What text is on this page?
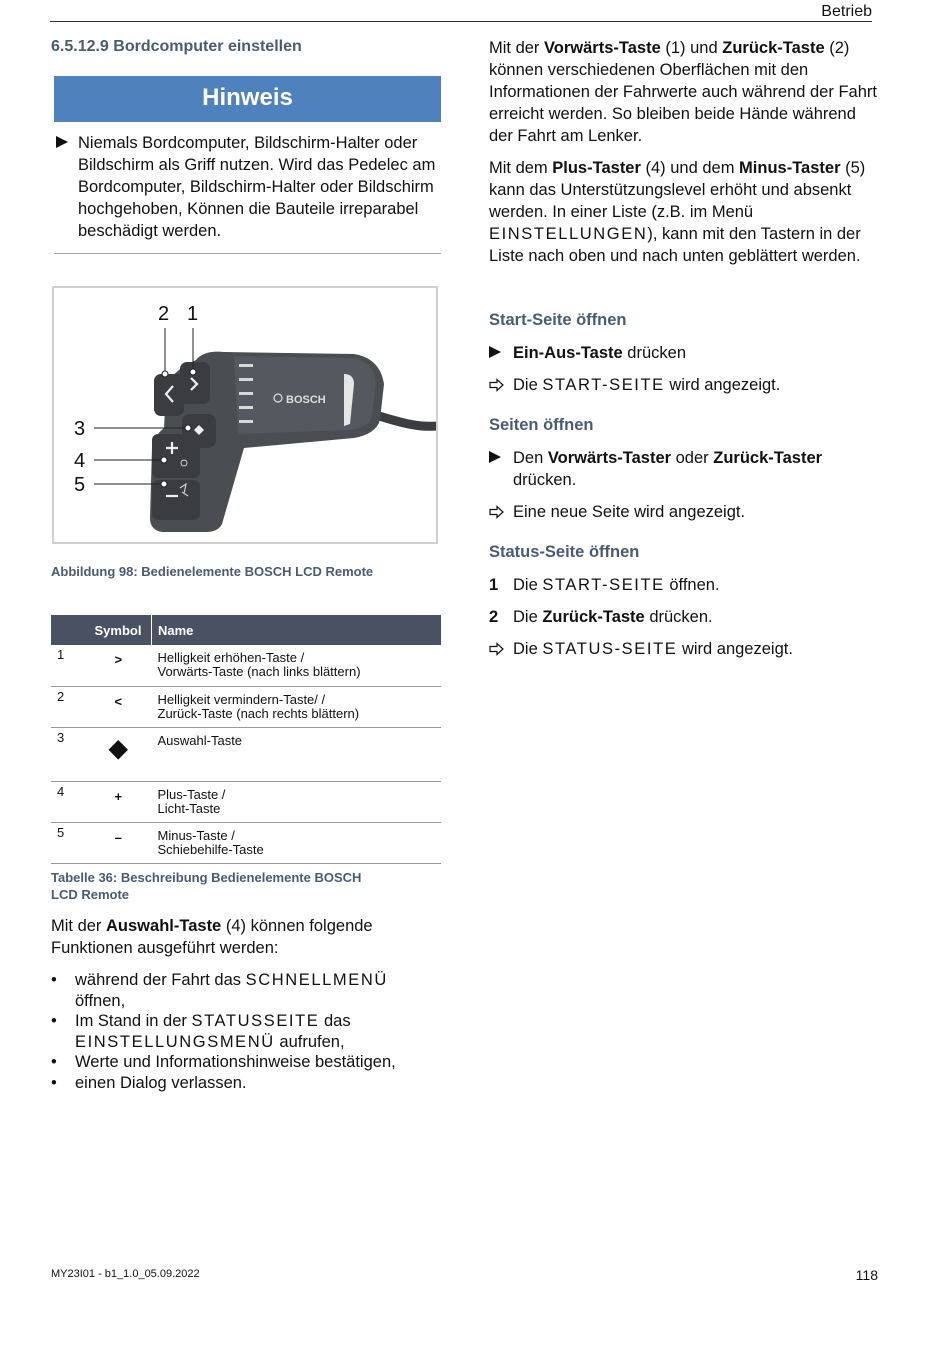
Betrieb
6.5.12.9 Bordcomputer einstellen
Hinweis
Niemals Bordcomputer, Bildschirm-Halter oder Bildschirm als Griff nutzen. Wird das Pedelec am Bordcomputer, Bildschirm-Halter oder Bildschirm hochgehoben, Können die Bauteile irreparabel beschädigt werden.
BOSCH
2 1
3
4
5
Abbildung 98: Bedienelemente BOSCH LCD Remote
	Symbol	Name
1	>	Helligkeit erhöhen-Taste /
Vorwärts-Taste (nach links blättern)

2	<	Helligkeit vermindern-Taste/ /
Zurück-Taste (nach rechts blättern)

3	◆	Auswahl-Taste

4	+	Plus-Taste /
Licht-Taste

5	–	Minus-Taste /
Schiebehilfe-Taste
Tabelle 36: Beschreibung Bedienelemente BOSCH
LCD Remote
Mit der Auswahl-Taste (4) können folgende Funktionen ausgeführt werden:
• während der Fahrt das SCHNELLMENÜ öffnen,
• Im Stand in der STATUSSEITE das EINSTELLUNGSMENÜ aufrufen,
• Werte und Informationshinweise bestätigen,
• einen Dialog verlassen.
Mit der Vorwärts-Taste (1) und Zurück-Taste (2) können verschiedenen Oberflächen mit den Informationen der Fahrwerte auch während der Fahrt erreicht werden. So bleiben beide Hände während der Fahrt am Lenker.
Mit dem Plus-Taster (4) und dem Minus-Taster (5) kann das Unterstützungslevel erhöht und absenkt werden. In einer Liste (z.B. im Menü EINSTELLUNGEN), kann mit den Tastern in der Liste nach oben und nach unten geblättert werden.
Start-Seite öffnen
Ein-Aus-Taste drücken
Die START-SEITE wird angezeigt.
Seiten öffnen
Den Vorwärts-Taster oder Zurück-Taster drücken.
Eine neue Seite wird angezeigt.
Status-Seite öffnen
1 Die START-SEITE öffnen.
2 Die Zurück-Taste drücken.
Die STATUS-SEITE wird angezeigt.
MY23I01 - b1_1.0_05.09.2022	118
